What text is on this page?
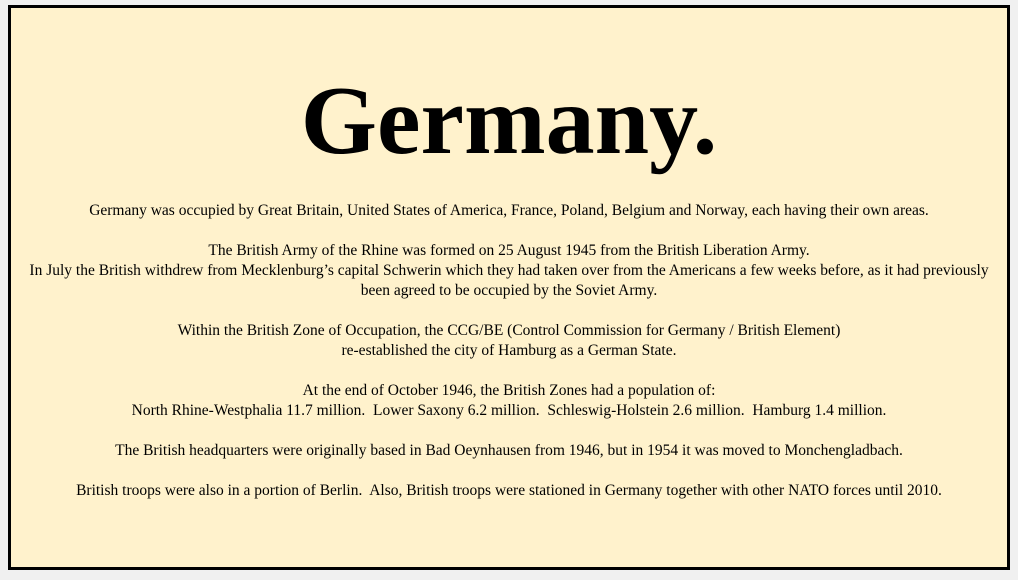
Germany.

Germany was occupied by Great Britain, United States of America, France, Poland, Belgium and Norway, each having their own areas.

The British Army of the Rhine was formed on 25 August 1945 from the British Liberation Army.
In July the British withdrew from Mecklenburg’s capital Schwerin which they had taken over from the Americans a few weeks before, as it had previously been agreed to be occupied by the Soviet Army.

Within the British Zone of Occupation, the CCG/BE (Control Commission for Germany / British Element)
re-established the city of Hamburg as a German State.

At the end of October 1946, the British Zones had a population of:
North Rhine-Westphalia 11.7 million.  Lower Saxony 6.2 million.  Schleswig-Holstein 2.6 million.  Hamburg 1.4 million.

The British headquarters were originally based in Bad Oeynhausen from 1946, but in 1954 it was moved to Monchengladbach.

British troops were also in a portion of Berlin.  Also, British troops were stationed in Germany together with other NATO forces until 2010.
